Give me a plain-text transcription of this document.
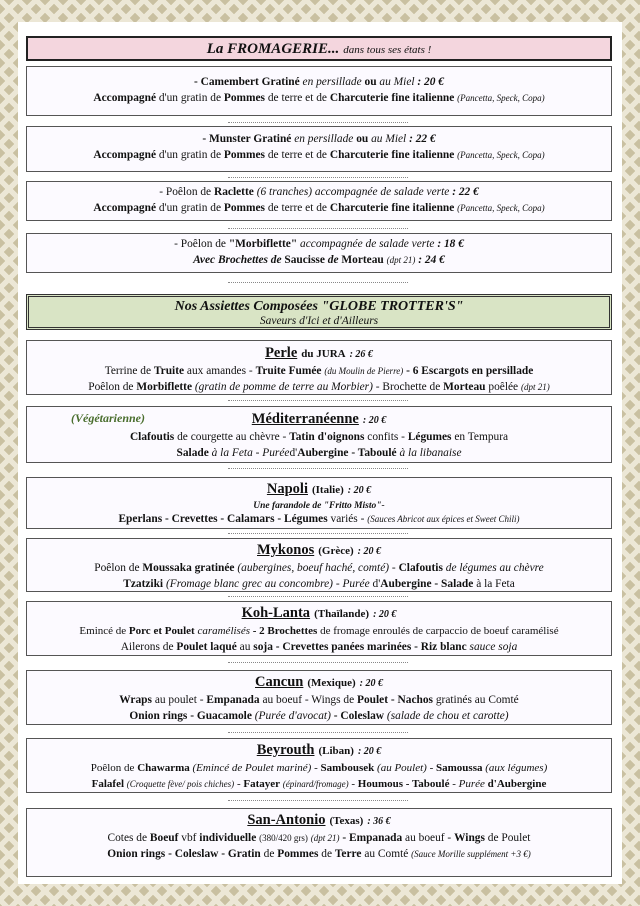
La FROMAGERIE... dans tous ses états !
- Camembert Gratiné en persillade ou au Miel : 20 €
Accompagné d'un gratin de Pommes de terre et de Charcuterie fine italienne (Pancetta, Speck, Copa)
- Munster Gratiné en persillade ou au Miel : 22 €
Accompagné d'un gratin de Pommes de terre et de Charcuterie fine italienne (Pancetta, Speck, Copa)
- Poêlon de Raclette (6 tranches) accompagnée de salade verte : 22 €
Accompagné d'un gratin de Pommes de terre et de Charcuterie fine italienne (Pancetta, Speck, Copa)
- Poêlon de "Morbiflette" accompagnée de salade verte : 18 €
Avec Brochettes de Saucisse de Morteau (dpt 21) : 24 €
Nos Assiettes Composées "GLOBE TROTTER'S"
Saveurs d'Ici et d'Ailleurs
Perle du JURA : 26 €
Terrine de Truite aux amandes - Truite Fumée (du Moulin de Pierre) - 6 Escargots en persillade
Poêlon de Morbiflette (gratin de pomme de terre au Morbier) - Brochette de Morteau poêlée (dpt 21)
(Végétarienne)	Méditerranéenne : 20 €
Clafoutis de courgette au chèvre - Tatin d'oignons confits - Légumes en Tempura
Salade à la Feta - Puréed'Aubergine - Taboulé à la libanaise
Napoli (Italie) : 20 €
Une farandole de "Fritto Misto"-
Eperlans - Crevettes - Calamars - Légumes variés - (Sauces Abricot aux épices et Sweet Chili)
Mykonos (Grèce) : 20 €
Poêlon de Moussaka gratinée (aubergines, boeuf haché, comté) - Clafoutis de légumes au chèvre
Tzatziki (Fromage blanc grec au concombre) - Purée d'Aubergine - Salade à la Feta
Koh-Lanta (Thaïlande) : 20 €
Emincé de Porc et Poulet caramélisés - 2 Brochettes de fromage enroulés de carpaccio de boeuf caramélisé
Ailerons de Poulet laqué au soja - Crevettes panées marinées - Riz blanc sauce soja
Cancun (Mexique) : 20 €
Wraps au poulet - Empanada au boeuf - Wings de Poulet - Nachos gratinés au Comté
Onion rings - Guacamole (Purée d'avocat) - Coleslaw (salade de chou et carotte)
Beyrouth (Liban) : 20 €
Poêlon de Chawarma (Emincé de Poulet mariné) - Sambousek (au Poulet) - Samoussa (aux légumes)
Falafel (Croquette fève/ pois chiches) - Fatayer (épinard/fromage) - Houmous - Taboulé - Purée d'Aubergine
San-Antonio (Texas) : 36 €
Cotes de Boeuf vbf individuelle (380/420 grs) (dpt 21) - Empanada au boeuf - Wings de Poulet
Onion rings - Coleslaw - Gratin de Pommes de Terre au Comté (Sauce Morille supplément +3 €)
